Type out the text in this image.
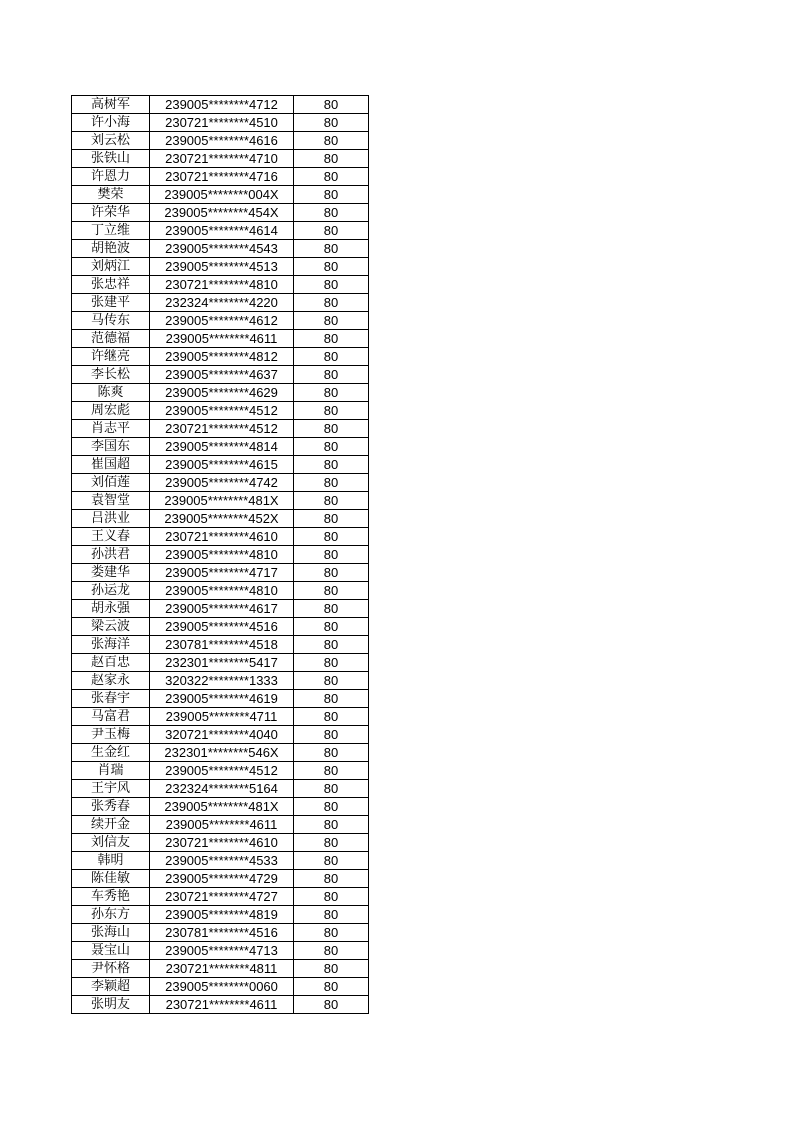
高树军	239005********4712	80
许小海	230721********4510	80
刘云松	239005********4616	80
张铁山	230721********4710	80
许恩力	230721********4716	80
樊荣	239005********004X	80
许荣华	239005********454X	80
丁立维	239005********4614	80
胡艳波	239005********4543	80
刘炳江	239005********4513	80
张忠祥	230721********4810	80
张建平	232324********4220	80
马传东	239005********4612	80
范德福	239005********4611	80
许继亮	239005********4812	80
李长松	239005********4637	80
陈爽	239005********4629	80
周宏彪	239005********4512	80
肖志平	230721********4512	80
李国东	239005********4814	80
崔国超	239005********4615	80
刘佰莲	239005********4742	80
袁智堂	239005********481X	80
吕洪业	239005********452X	80
王义春	230721********4610	80
孙洪君	239005********4810	80
娄建华	239005********4717	80
孙运龙	239005********4810	80
胡永强	239005********4617	80
梁云波	239005********4516	80
张海洋	230781********4518	80
赵百忠	232301********5417	80
赵家永	320322********1333	80
张春宇	239005********4619	80
马富君	239005********4711	80
尹玉梅	320721********4040	80
生金红	232301********546X	80
肖瑞	239005********4512	80
王宇风	232324********5164	80
张秀春	239005********481X	80
续开金	239005********4611	80
刘信友	230721********4610	80
韩明	239005********4533	80
陈佳敏	239005********4729	80
车秀艳	230721********4727	80
孙东方	239005********4819	80
张海山	230781********4516	80
聂宝山	239005********4713	80
尹怀格	230721********4811	80
李颖超	239005********0060	80
张明友	230721********4611	80
